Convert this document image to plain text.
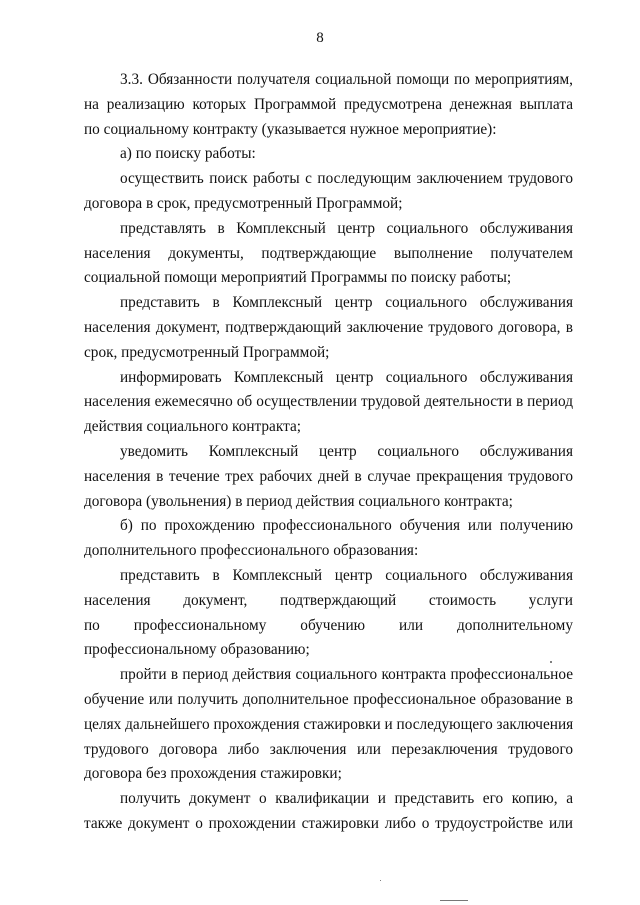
8
3.3. Обязанности получателя социальной помощи по мероприятиям,
на реализацию которых Программой предусмотрена денежная выплата
по социальному контракту (указывается нужное мероприятие):
а) по поиску работы:
осуществить поиск работы с последующим заключением трудового
договора в срок, предусмотренный Программой;
представлять в Комплексный центр социального обслуживания
населения документы, подтверждающие выполнение получателем
социальной помощи мероприятий Программы по поиску работы;
представить в Комплексный центр социального обслуживания
населения документ, подтверждающий заключение трудового договора, в
срок, предусмотренный Программой;
информировать Комплексный центр социального обслуживания
населения ежемесячно об осуществлении трудовой деятельности в период
действия социального контракта;
уведомить Комплексный центр социального обслуживания
населения в течение трех рабочих дней в случае прекращения трудового
договора (увольнения) в период действия социального контракта;
б) по прохождению профессионального обучения или получению
дополнительного профессионального образования:
представить в Комплексный центр социального обслуживания
населения документ, подтверждающий стоимость услуги
по профессиональному обучению или дополнительному
профессиональному образованию;
пройти в период действия социального контракта профессиональное
обучение или получить дополнительное профессиональное образование в
целях дальнейшего прохождения стажировки и последующего заключения
трудового договора либо заключения или перезаключения трудового
договора без прохождения стажировки;
получить документ о квалификации и представить его копию, а
также документ о прохождении стажировки либо о трудоустройстве или
